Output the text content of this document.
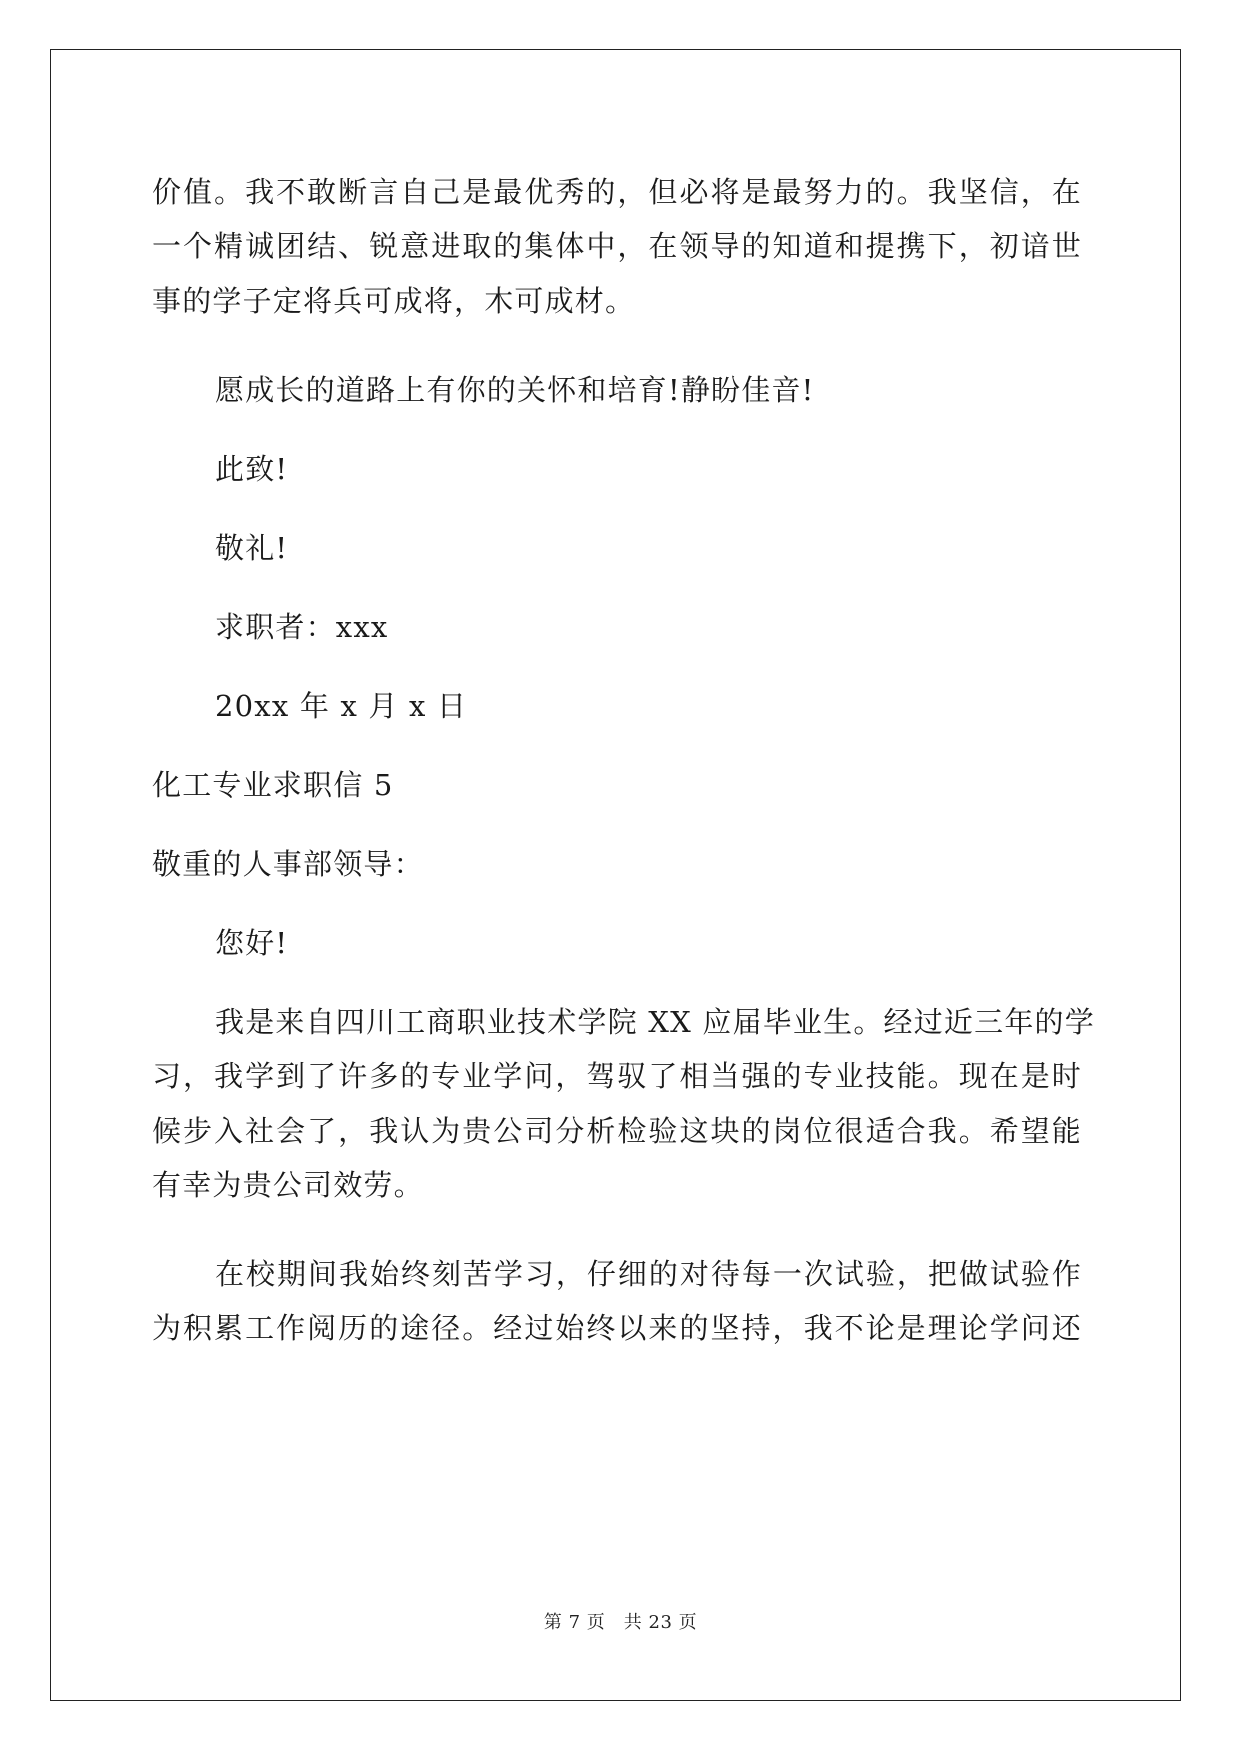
价值。我不敢断言自己是最优秀的，但必将是最努力的。我坚信，在
一个精诚团结、锐意进取的集体中，在领导的知道和提携下，初谙世
事的学子定将兵可成将，木可成材。
愿成长的道路上有你的关怀和培育!静盼佳音!
此致!
敬礼!
求职者：xxx
20xx 年 x 月 x 日
化工专业求职信 5
敬重的人事部领导：
您好!
我是来自四川工商职业技术学院 XX 应届毕业生。经过近三年的学
习，我学到了许多的专业学问，驾驭了相当强的专业技能。现在是时
候步入社会了，我认为贵公司分析检验这块的岗位很适合我。希望能
有幸为贵公司效劳。
在校期间我始终刻苦学习，仔细的对待每一次试验，把做试验作
为积累工作阅历的途径。经过始终以来的坚持，我不论是理论学问还
第 7 页　共 23 页
